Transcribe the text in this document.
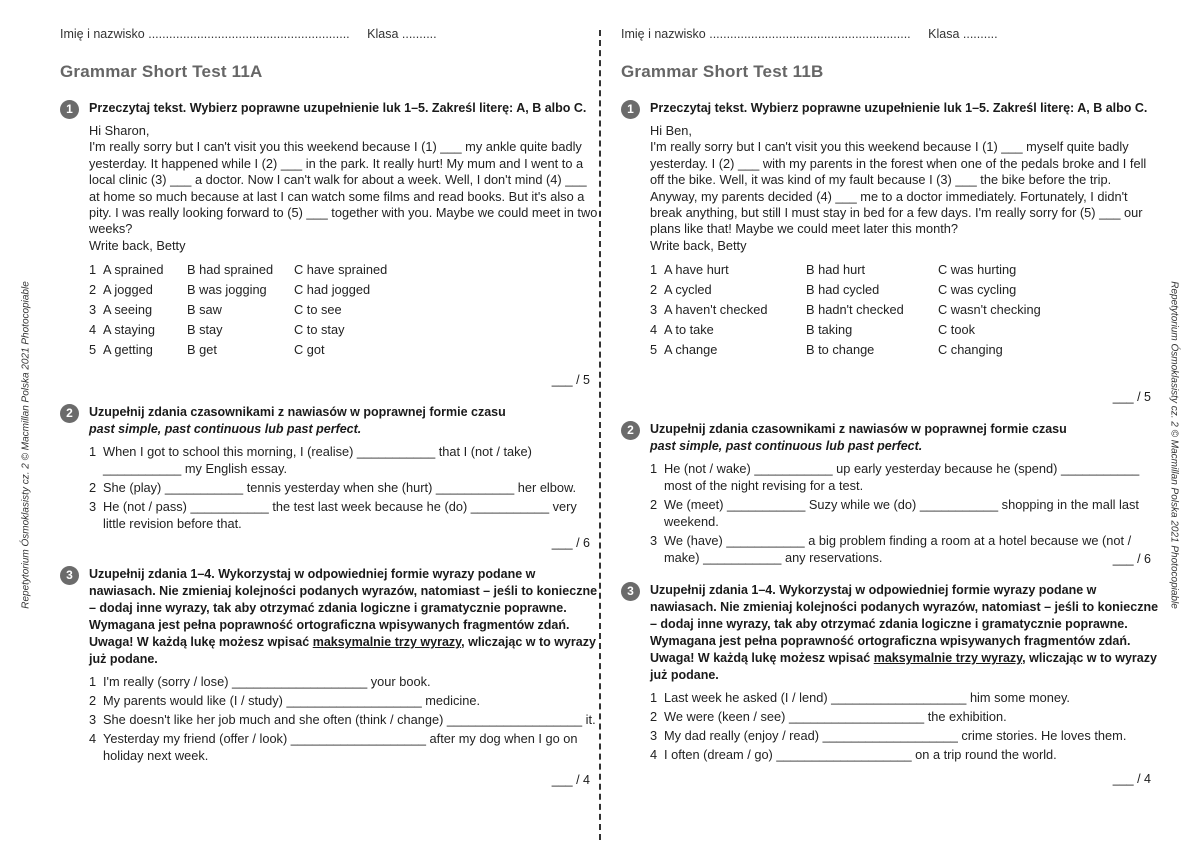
Repetytorium Ósmoklasisty cz. 2 © Macmillan Polska 2021 Photocopiable	Repetytorium Ósmoklasisty cz. 2 © Macmillan Polska 2021 Photocopiable
Imię i nazwisko .......................................................... Klasa ..........
Grammar Short Test 11A
1	Przeczytaj tekst. Wybierz poprawne uzupełnienie luk 1–5. Zakreśl literę: A, B albo C.

Hi Sharon,

I'm really sorry but I can't visit you this weekend because I (1) ___ my ankle quite badly yesterday. It happened while I (2) ___ in the park. It really hurt! My mum and I went to a local clinic (3) ___ a doctor. Now I can't walk for about a week. Well, I don't mind (4) ___ at home so much because at last I can watch some films and read books. But it's also a pity. I was really looking forward to (5) ___ together with you. Maybe we could meet in two weeks?

Write back, Betty

1	A sprained	B had sprained	C have sprained
2	A jogged	B was jogging	C had jogged
3	A seeing	B saw	C to see
4	A staying	B stay	C to stay
5	A getting	B get	C got
___ / 5
2	Uzupełnij zdania czasownikami z nawiasów w poprawnej formie czasu
past simple, past continuous lub past perfect.
1 When I got to school this morning, I (realise) ___________ that I (not / take) ___________ my English essay.
2 She (play) ___________ tennis yesterday when she (hurt) ___________ her elbow.
3 He (not / pass) ___________ the test last week because he (do) ___________ very little revision before that.
___ / 6
3	Uzupełnij zdania 1–4. Wykorzystaj w odpowiedniej formie wyrazy podane w nawiasach. Nie zmieniaj kolejności podanych wyrazów, natomiast – jeśli to konieczne – dodaj inne wyrazy, tak aby otrzymać zdania logiczne i gramatycznie poprawne. Wymagana jest pełna poprawność ortograficzna wpisywanych fragmentów zdań. Uwaga! W każdą lukę możesz wpisać maksymalnie trzy wyrazy, wliczając w to wyrazy już podane.
1 I'm really (sorry / lose) ___________________ your book.
2 My parents would like (I / study) ___________________ medicine.
3 She doesn't like her job much and she often (think / change) ___________________ it.
4 Yesterday my friend (offer / look) ___________________ after my dog when I go on holiday next week.
___ / 4
Imię i nazwisko .......................................................... Klasa ..........
Grammar Short Test 11B
1	Przeczytaj tekst. Wybierz poprawne uzupełnienie luk 1–5. Zakreśl literę: A, B albo C.

Hi Ben,

I'm really sorry but I can't visit you this weekend because I (1) ___ myself quite badly yesterday. I (2) ___ with my parents in the forest when one of the pedals broke and I fell off the bike. Well, it was kind of my fault because I (3) ___ the bike before the trip. Anyway, my parents decided (4) ___ me to a doctor immediately. Fortunately, I didn't break anything, but still I must stay in bed for a few days. I'm really sorry for (5) ___ our plans like that! Maybe we could meet later this month?

Write back, Betty

1	A have hurt	B had hurt	C was hurting
2	A cycled	B had cycled	C was cycling
3	A haven't checked	B hadn't checked	C wasn't checking
4	A to take	B taking	C took
5	A change	B to change	C changing
___ / 5
2	Uzupełnij zdania czasownikami z nawiasów w poprawnej formie czasu
past simple, past continuous lub past perfect.
1 He (not / wake) ___________ up early yesterday because he (spend) ___________ most of the night revising for a test.
2 We (meet) ___________ Suzy while we (do) ___________ shopping in the mall last weekend.
3 We (have) ___________ a big problem finding a room at a hotel because we (not / make) ___________ any reservations.	___ / 6
3	Uzupełnij zdania 1–4. Wykorzystaj w odpowiedniej formie wyrazy podane w nawiasach. Nie zmieniaj kolejności podanych wyrazów, natomiast – jeśli to konieczne – dodaj inne wyrazy, tak aby otrzymać zdania logiczne i gramatycznie poprawne. Wymagana jest pełna poprawność ortograficzna wpisywanych fragmentów zdań. Uwaga! W każdą lukę możesz wpisać maksymalnie trzy wyrazy, wliczając w to wyrazy już podane.
1 Last week he asked (I / lend) ___________________ him some money.
2 We were (keen / see) ___________________ the exhibition.
3 My dad really (enjoy / read) ___________________ crime stories. He loves them.
4 I often (dream / go) ___________________ on a trip round the world.
___ / 4
